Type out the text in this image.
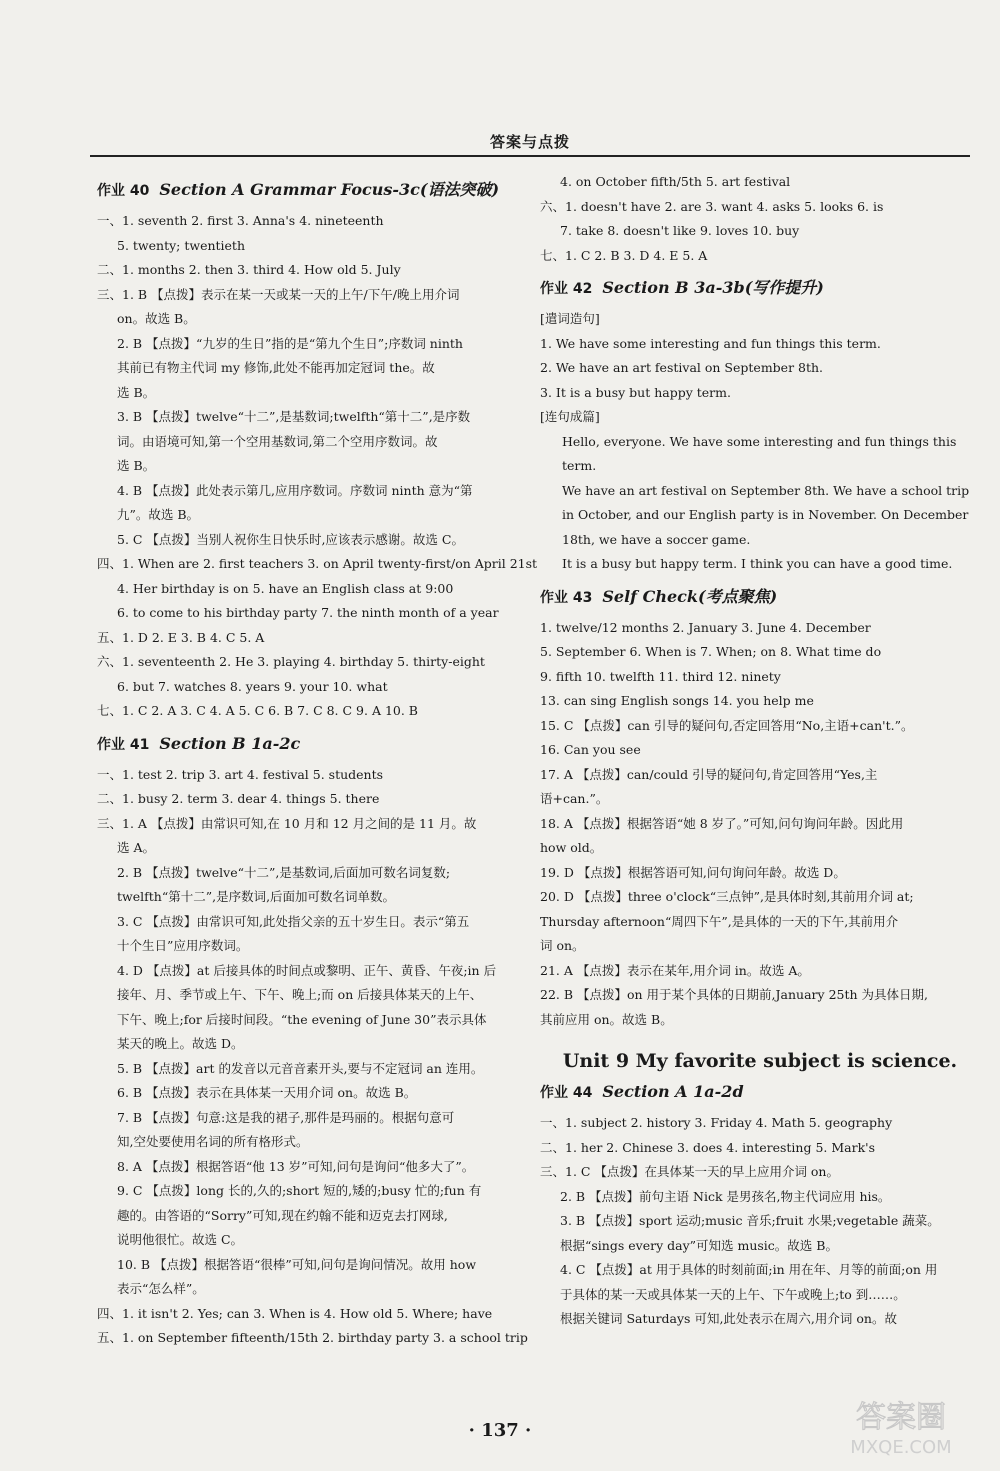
答案与点拨
作业 40 Section A Grammar Focus-3c(语法突破)
一、1. seventh 2. first 3. Anna's 4. nineteenth
5. twenty; twentieth
二、1. months 2. then 3. third 4. How old 5. July
三、1. B 【点拨】表示在某一天或某一天的上午/下午/晚上用介词
on。故选 B。
2. B 【点拨】“九岁的生日”指的是“第九个生日”;序数词 ninth
其前已有物主代词 my 修饰,此处不能再加定冠词 the。故
选 B。
3. B 【点拨】twelve“十二”,是基数词;twelfth“第十二”,是序数
词。由语境可知,第一个空用基数词,第二个空用序数词。故
选 B。
4. B 【点拨】此处表示第几,应用序数词。序数词 ninth 意为“第
九”。故选 B。
5. C 【点拨】当别人祝你生日快乐时,应该表示感谢。故选 C。
四、1. When are 2. first teachers 3. on April twenty-first/on April 21st
4. Her birthday is on 5. have an English class at 9:00
6. to come to his birthday party 7. the ninth month of a year
五、1. D 2. E 3. B 4. C 5. A
六、1. seventeenth 2. He 3. playing 4. birthday 5. thirty-eight
6. but 7. watches 8. years 9. your 10. what
七、1. C 2. A 3. C 4. A 5. C 6. B 7. C 8. C 9. A 10. B
作业 41 Section B 1a-2c
一、1. test 2. trip 3. art 4. festival 5. students
二、1. busy 2. term 3. dear 4. things 5. there
三、1. A 【点拨】由常识可知,在 10 月和 12 月之间的是 11 月。故
选 A。
2. B 【点拨】twelve“十二”,是基数词,后面加可数名词复数;
twelfth“第十二”,是序数词,后面加可数名词单数。
3. C 【点拨】由常识可知,此处指父亲的五十岁生日。表示“第五
十个生日”应用序数词。
4. D 【点拨】at 后接具体的时间点或黎明、正午、黄昏、午夜;in 后
接年、月、季节或上午、下午、晚上;而 on 后接具体某天的上午、
下午、晚上;for 后接时间段。“the evening of June 30”表示具体
某天的晚上。故选 D。
5. B 【点拨】art 的发音以元音音素开头,要与不定冠词 an 连用。
6. B 【点拨】表示在具体某一天用介词 on。故选 B。
7. B 【点拨】句意:这是我的裙子,那件是玛丽的。根据句意可
知,空处要使用名词的所有格形式。
8. A 【点拨】根据答语“他 13 岁”可知,问句是询问“他多大了”。
9. C 【点拨】long 长的,久的;short 短的,矮的;busy 忙的;fun 有
趣的。由答语的“Sorry”可知,现在约翰不能和迈克去打网球,
说明他很忙。故选 C。
10. B 【点拨】根据答语“很棒”可知,问句是询问情况。故用 how
表示“怎么样”。
四、1. it isn't 2. Yes; can 3. When is 4. How old 5. Where; have
五、1. on September fifteenth/15th 2. birthday party 3. a school trip
4. on October fifth/5th 5. art festival
六、1. doesn't have 2. are 3. want 4. asks 5. looks 6. is
7. take 8. doesn't like 9. loves 10. buy
七、1. C 2. B 3. D 4. E 5. A
作业 42 Section B 3a-3b(写作提升)
[遣词造句]
1. We have some interesting and fun things this term.
2. We have an art festival on September 8th.
3. It is a busy but happy term.
[连句成篇]
Hello, everyone. We have some interesting and fun things this term.
We have an art festival on September 8th. We have a school trip in October, and our English party is in November. On December 18th, we have a soccer game.
It is a busy but happy term. I think you can have a good time.
作业 43 Self Check(考点聚焦)
1. twelve/12 months 2. January 3. June 4. December
5. September 6. When is 7. When; on 8. What time do
9. fifth 10. twelfth 11. third 12. ninety
13. can sing English songs 14. you help me
15. C 【点拨】can 引导的疑问句,否定回答用“No,主语+can't.”。
16. Can you see
17. A 【点拨】can/could 引导的疑问句,肯定回答用“Yes,主
语+can.”。
18. A 【点拨】根据答语“她 8 岁了。”可知,问句询问年龄。因此用
how old。
19. D 【点拨】根据答语可知,问句询问年龄。故选 D。
20. D 【点拨】three o'clock“三点钟”,是具体时刻,其前用介词 at;
Thursday afternoon“周四下午”,是具体的一天的下午,其前用介
词 on。
21. A 【点拨】表示在某年,用介词 in。故选 A。
22. B 【点拨】on 用于某个具体的日期前,January 25th 为具体日期,
其前应用 on。故选 B。
Unit 9 My favorite subject is science.
作业 44 Section A 1a-2d
一、1. subject 2. history 3. Friday 4. Math 5. geography
二、1. her 2. Chinese 3. does 4. interesting 5. Mark's
三、1. C 【点拨】在具体某一天的早上应用介词 on。
2. B 【点拨】前句主语 Nick 是男孩名,物主代词应用 his。
3. B 【点拨】sport 运动;music 音乐;fruit 水果;vegetable 蔬菜。
根据“sings every day”可知选 music。故选 B。
4. C 【点拨】at 用于具体的时刻前面;in 用在年、月等的前面;on 用
于具体的某一天或具体某一天的上午、下午或晚上;to 到……。
根据关键词 Saturdays 可知,此处表示在周六,用介词 on。故
· 137 ·	答案圈
MXQE.COM
